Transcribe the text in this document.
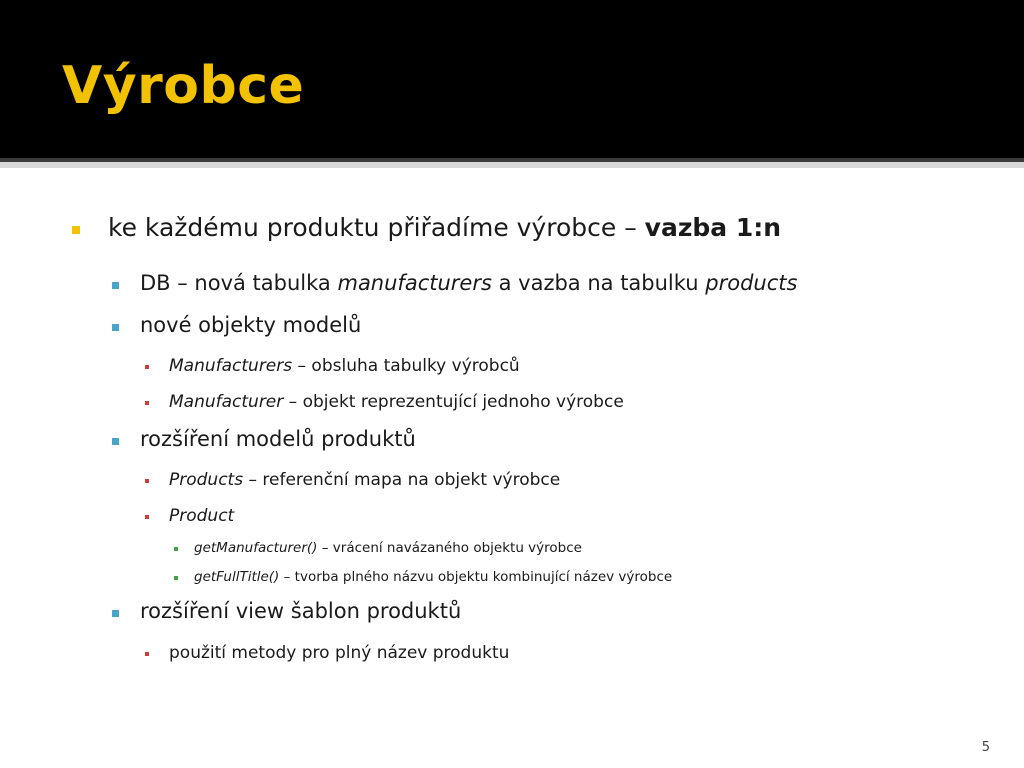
Výrobce
ke každému produktu přiřadíme výrobce – vazba 1:n
DB – nová tabulka manufacturers a vazba na tabulku products
nové objekty modelů
Manufacturers – obsluha tabulky výrobců
Manufacturer – objekt reprezentující jednoho výrobce
rozšíření modelů produktů
Products – referenční mapa na objekt výrobce
Product
getManufacturer() – vrácení navázaného objektu výrobce
getFullTitle() – tvorba plného názvu objektu kombinující název výrobce
rozšíření view šablon produktů
použití metody pro plný název produktu
5
